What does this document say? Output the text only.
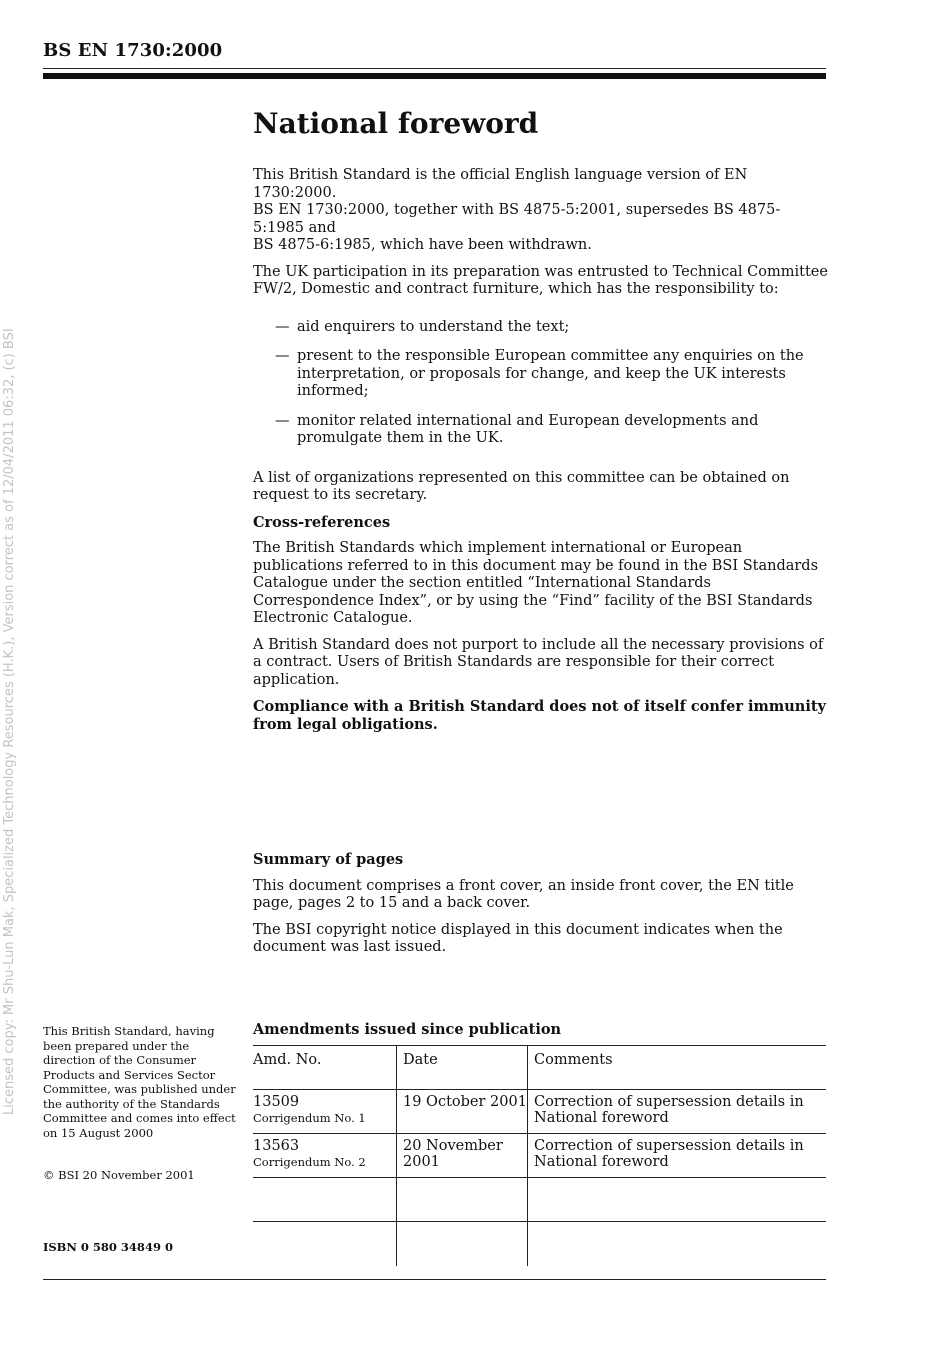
BS EN 1730:2000
Licensed copy: Mr Shu-Lun Mak, Specialized Technology Resources (H.K.), Version correct as of 12/04/2011 06:32, (c) BSI
National foreword

This British Standard is the official English language version of EN 1730:2000.
BS EN 1730:2000, together with BS 4875-5:2001, supersedes BS 4875-5:1985 and
BS 4875-6:1985, which have been withdrawn.

The UK participation in its preparation was entrusted to Technical Committee FW/2, Domestic and contract furniture, which has the responsibility to:

— aid enquirers to understand the text;
— present to the responsible European committee any enquiries on the interpretation, or proposals for change, and keep the UK interests informed;
— monitor related international and European developments and promulgate them in the UK.

A list of organizations represented on this committee can be obtained on request to its secretary.

Cross-references

The British Standards which implement international or European publications referred to in this document may be found in the BSI Standards Catalogue under the section entitled “International Standards Correspondence Index”, or by using the “Find” facility of the BSI Standards Electronic Catalogue.

A British Standard does not purport to include all the necessary provisions of a contract. Users of British Standards are responsible for their correct application.

Compliance with a British Standard does not of itself confer immunity from legal obligations.

Summary of pages

This document comprises a front cover, an inside front cover, the EN title page, pages 2 to 15 and a back cover.

The BSI copyright notice displayed in this document indicates when the document was last issued.

This British Standard, having been prepared under the direction of the Consumer Products and Services Sector Committee, was published under the authority of the Standards Committee and comes into effect on 15 August 2000

© BSI 20 November 2001

ISBN 0 580 34849 0

Amendments issued since publication

Amd. No.	Date	Comments
13509
Corrigendum No. 1	19 October 2001	Correction of supersession details in National foreword
13563
Corrigendum No. 2	20 November 2001	Correction of supersession details in National foreword
